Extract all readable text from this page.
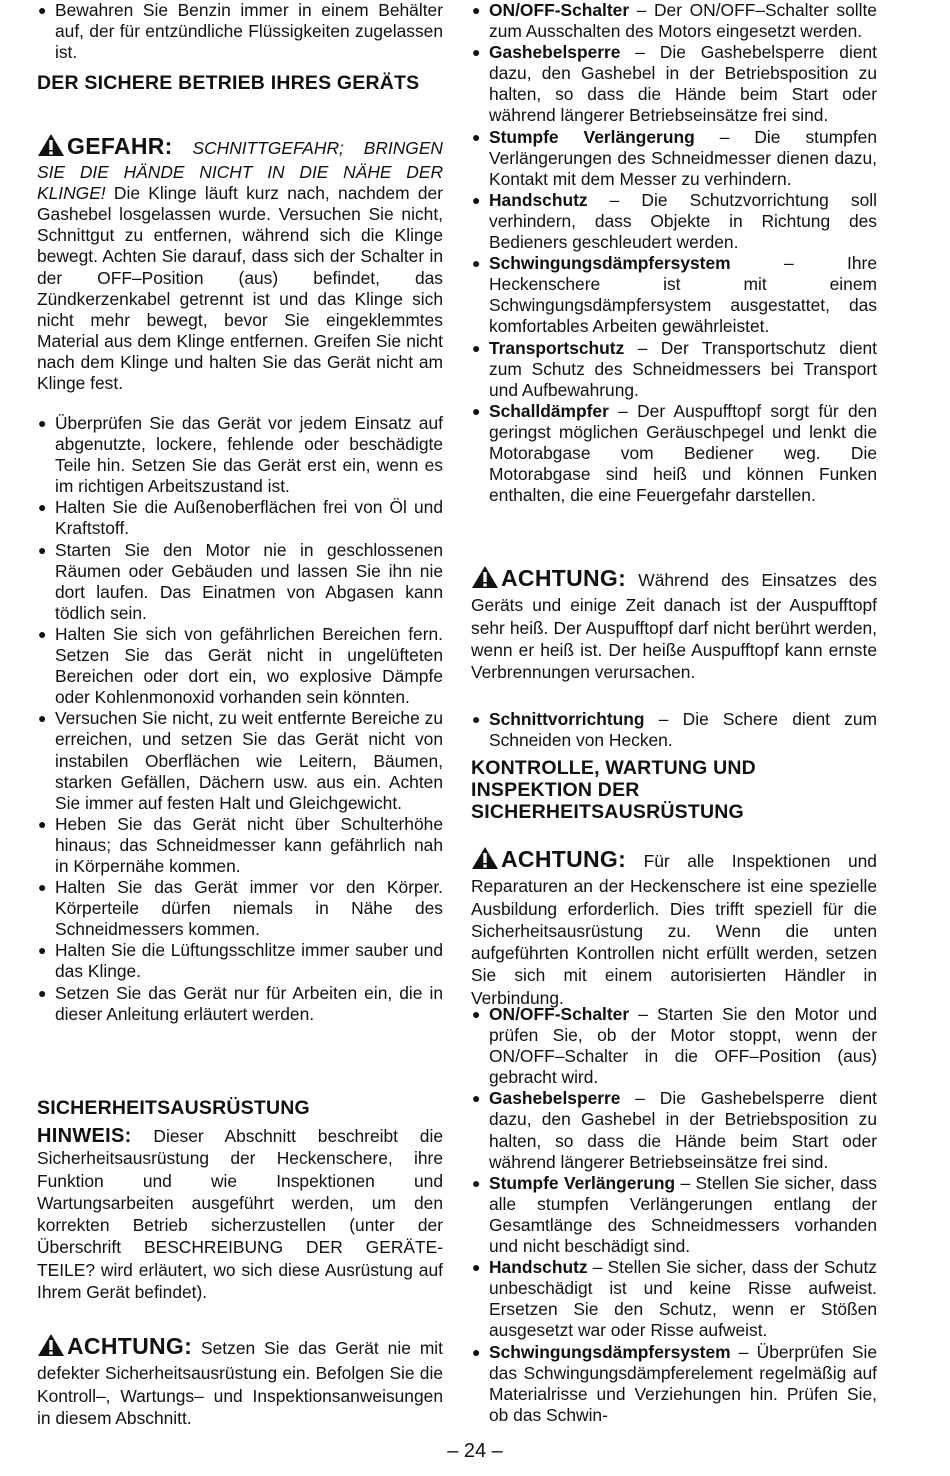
● Bewahren Sie Benzin immer in einem Behälter auf, der für entzündliche Flüssigkeiten zugelassen ist.
DER SICHERE BETRIEB IHRES GERÄTS
GEFAHR: SCHNITTGEFAHR; BRINGEN SIE DIE HÄNDE NICHT IN DIE NÄHE DER KLINGE! Die Klinge läuft kurz nach, nachdem der Gashebel losgelassen wurde. Versuchen Sie nicht, Schnittgut zu entfernen, während sich die Klinge bewegt. Achten Sie darauf, dass sich der Schalter in der OFF–Position (aus) befindet, das Zündkerzenkabel getrennt ist und das Klinge sich nicht mehr bewegt, bevor Sie eingeklemmtes Material aus dem Klinge entfernen. Greifen Sie nicht nach dem Klinge und halten Sie das Gerät nicht am Klinge fest.
● Überprüfen Sie das Gerät vor jedem Einsatz auf abgenutzte, lockere, fehlende oder beschädigte Teile hin. Setzen Sie das Gerät erst ein, wenn es im richtigen Arbeitszustand ist.
● Halten Sie die Außenoberflächen frei von Öl und Kraftstoff.
● Starten Sie den Motor nie in geschlossenen Räumen oder Gebäuden und lassen Sie ihn nie dort laufen. Das Einatmen von Abgasen kann tödlich sein.
● Halten Sie sich von gefährlichen Bereichen fern. Setzen Sie das Gerät nicht in ungelüfteten Bereichen oder dort ein, wo explosive Dämpfe oder Kohlenmonoxid vorhanden sein könnten.
● Versuchen Sie nicht, zu weit entfernte Bereiche zu erreichen, und setzen Sie das Gerät nicht von instabilen Oberflächen wie Leitern, Bäumen, starken Gefällen, Dächern usw. aus ein. Achten Sie immer auf festen Halt und Gleichgewicht.
● Heben Sie das Gerät nicht über Schulterhöhe hinaus; das Schneidmesser kann gefährlich nah in Körpernähe kommen.
● Halten Sie das Gerät immer vor den Körper. Körperteile dürfen niemals in Nähe des Schneidmessers kommen.
● Halten Sie die Lüftungsschlitze immer sauber und das Klinge.
● Setzen Sie das Gerät nur für Arbeiten ein, die in dieser Anleitung erläutert werden.
SICHERHEITSAUSRÜSTUNG
HINWEIS: Dieser Abschnitt beschreibt die Sicherheitsausrüstung der Heckenschere, ihre Funktion und wie Inspektionen und Wartungsarbeiten ausgeführt werden, um den korrekten Betrieb sicherzustellen (unter der Überschrift BESCHREIBUNG DER GERÄTE-TEILE? wird erläutert, wo sich diese Ausrüstung auf Ihrem Gerät befindet).
ACHTUNG: Setzen Sie das Gerät nie mit defekter Sicherheitsausrüstung ein. Befolgen Sie die Kontroll–, Wartungs– und Inspektionsanweisungen in diesem Abschnitt.
● ON/OFF-Schalter – Der ON/OFF–Schalter sollte zum Ausschalten des Motors eingesetzt werden.
● Gashebelsperre – Die Gashebelsperre dient dazu, den Gashebel in der Betriebsposition zu halten, so dass die Hände beim Start oder während längerer Betriebseinsätze frei sind.
● Stumpfe Verlängerung – Die stumpfen Verlängerungen des Schneidmesser dienen dazu, Kontakt mit dem Messer zu verhindern.
● Handschutz – Die Schutzvorrichtung soll verhindern, dass Objekte in Richtung des Bedieners geschleudert werden.
● Schwingungsdämpfersystem – Ihre Heckenschere ist mit einem Schwingungsdämpfersystem ausgestattet, das komfortables Arbeiten gewährleistet.
● Transportschutz – Der Transportschutz dient zum Schutz des Schneidmessers bei Transport und Aufbewahrung.
● Schalldämpfer – Der Auspufftopf sorgt für den geringst möglichen Geräuschpegel und lenkt die Motorabgase vom Bediener weg. Die Motorabgase sind heiß und können Funken enthalten, die eine Feuergefahr darstellen.
ACHTUNG: Während des Einsatzes des Geräts und einige Zeit danach ist der Auspufftopf sehr heiß. Der Auspufftopf darf nicht berührt werden, wenn er heiß ist. Der heiße Auspufftopf kann ernste Verbrennungen verursachen.
● Schnittvorrichtung – Die Schere dient zum Schneiden von Hecken.
KONTROLLE, WARTUNG UND INSPEKTION DER SICHERHEITSAUSRÜSTUNG
ACHTUNG: Für alle Inspektionen und Reparaturen an der Heckenschere ist eine spezielle Ausbildung erforderlich. Dies trifft speziell für die Sicherheitsausrüstung zu. Wenn die unten aufgeführten Kontrollen nicht erfüllt werden, setzen Sie sich mit einem autorisierten Händler in Verbindung.
● ON/OFF-Schalter – Starten Sie den Motor und prüfen Sie, ob der Motor stoppt, wenn der ON/OFF–Schalter in die OFF–Position (aus) gebracht wird.
● Gashebelsperre – Die Gashebelsperre dient dazu, den Gashebel in der Betriebsposition zu halten, so dass die Hände beim Start oder während längerer Betriebseinsätze frei sind.
● Stumpfe Verlängerung – Stellen Sie sicher, dass alle stumpfen Verlängerungen entlang der Gesamtlänge des Schneidmessers vorhanden und nicht beschädigt sind.
● Handschutz – Stellen Sie sicher, dass der Schutz unbeschädigt ist und keine Risse aufweist. Ersetzen Sie den Schutz, wenn er Stößen ausgesetzt war oder Risse aufweist.
● Schwingungsdämpfersystem – Überprüfen Sie das Schwingungsdämpferelement regelmäßig auf Materialrisse und Verziehungen hin. Prüfen Sie, ob das Schwin-
– 24 –
